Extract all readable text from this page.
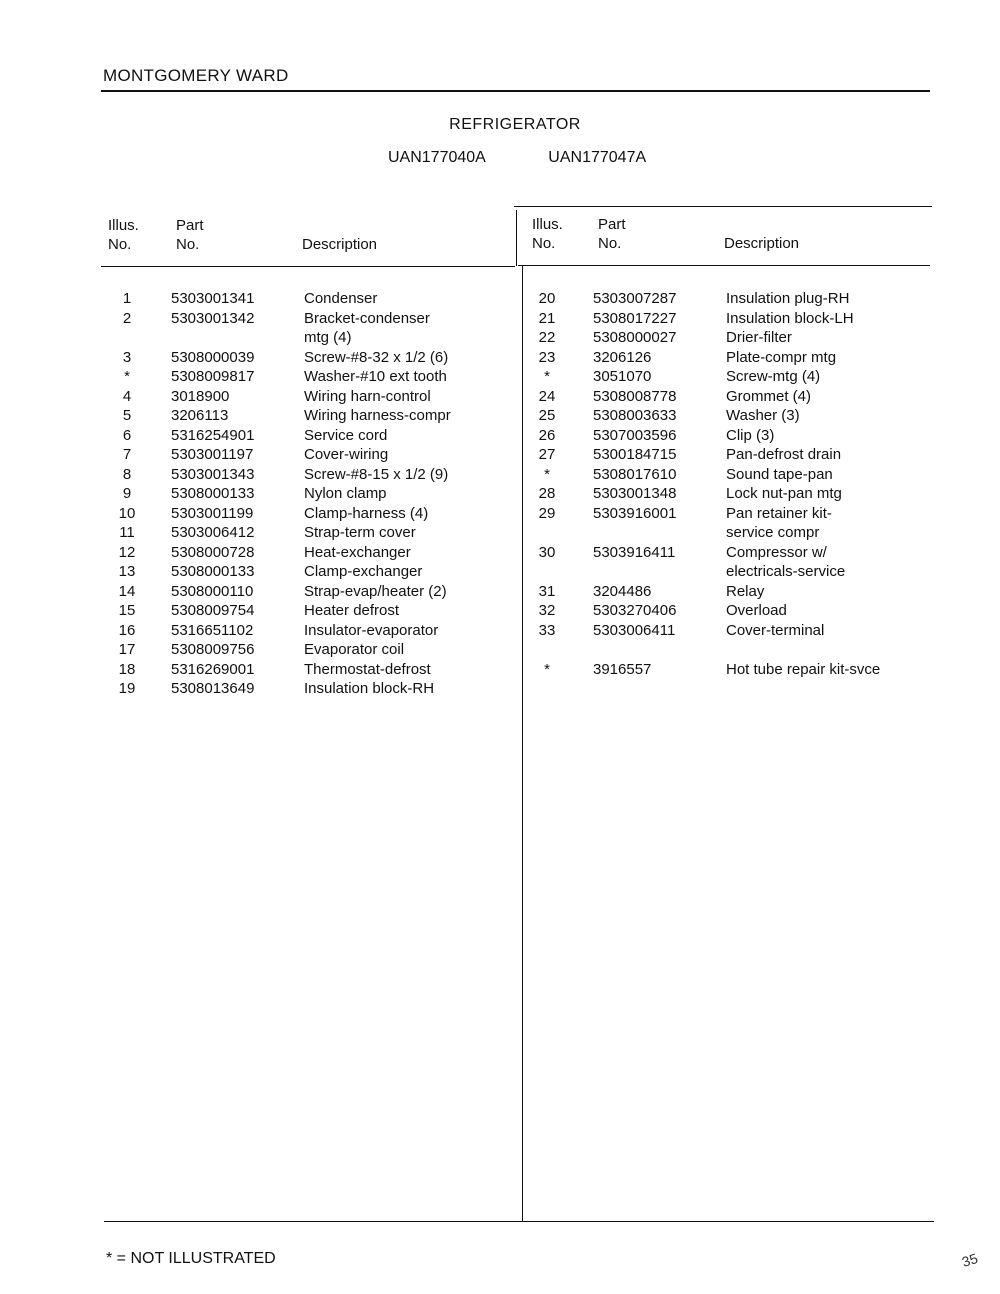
MONTGOMERY WARD
REFRIGERATOR
UAN177040A	UAN177047A
Illus.
No.
Part
No.	Description
Illus.
No.
Part
No.	Description
1	5303001341	Condenser
2	5303001342	Bracket-condenser
mtg (4)
3	5308000039	Screw-#8-32 x 1/2 (6)
*	5308009817	Washer-#10 ext tooth
4	3018900	Wiring harn-control
5	3206113	Wiring harness-compr
6	5316254901	Service cord
7	5303001197	Cover-wiring
8	5303001343	Screw-#8-15 x 1/2 (9)
9	5308000133	Nylon clamp
10	5303001199	Clamp-harness (4)
11	5303006412	Strap-term cover
12	5308000728	Heat-exchanger
13	5308000133	Clamp-exchanger
14	5308000110	Strap-evap/heater (2)
15	5308009754	Heater defrost
16	5316651102	Insulator-evaporator
17	5308009756	Evaporator coil
18	5316269001	Thermostat-defrost
19	5308013649	Insulation block-RH
20	5303007287	Insulation plug-RH
21	5308017227	Insulation block-LH
22	5308000027	Drier-filter
23	3206126	Plate-compr mtg
*	3051070	Screw-mtg (4)
24	5308008778	Grommet (4)
25	5308003633	Washer (3)
26	5307003596	Clip (3)
27	5300184715	Pan-defrost drain
*	5308017610	Sound tape-pan
28	5303001348	Lock nut-pan mtg
29	5303916001	Pan retainer kit-
service compr
30	5303916411	Compressor w/
electricals-service
31	3204486	Relay
32	5303270406	Overload
33	5303006411	Cover-terminal
*	3916557	Hot tube repair kit-svce
* = NOT ILLUSTRATED	35
